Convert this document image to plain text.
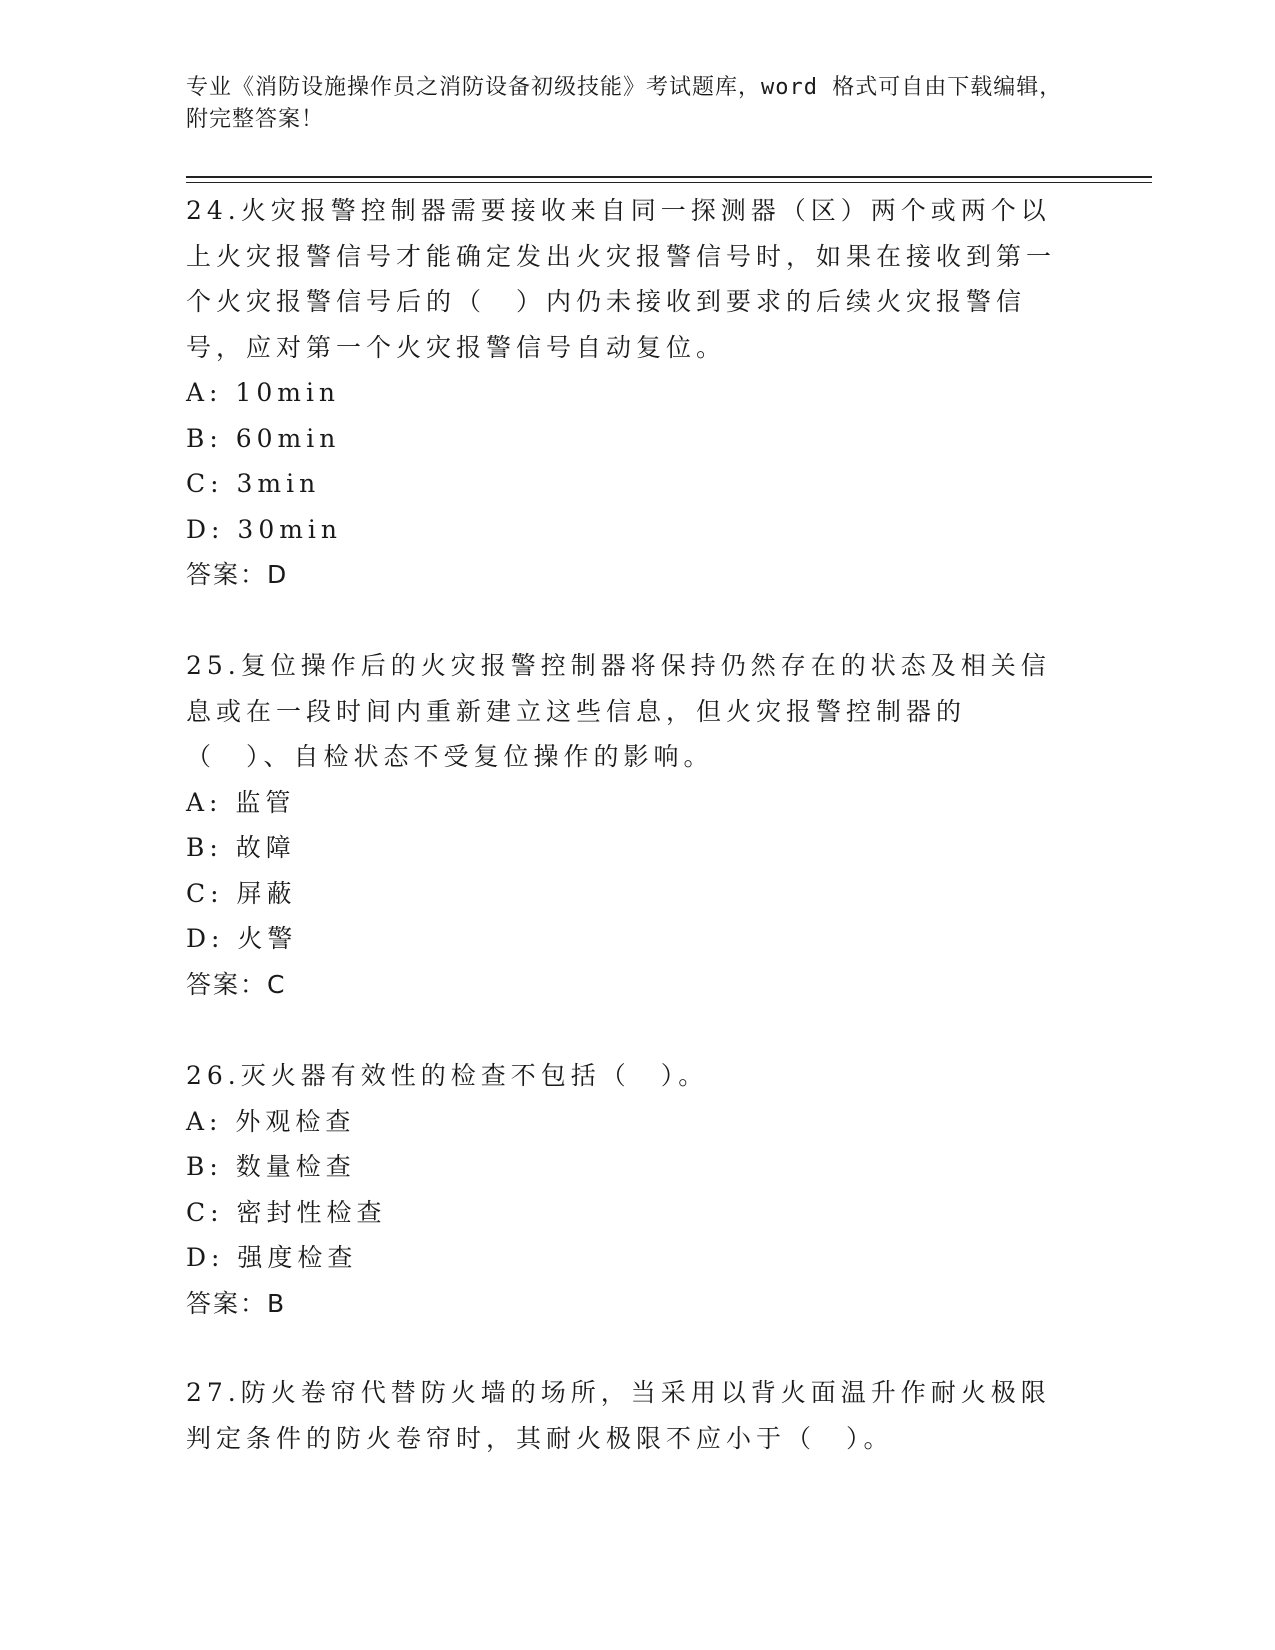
专业《消防设施操作员之消防设备初级技能》考试题库，word 格式可自由下载编辑，附完整答案！

24.火灾报警控制器需要接收来自同一探测器（区）两个或两个以上火灾报警信号才能确定发出火灾报警信号时，如果在接收到第一个火灾报警信号后的（　）内仍未接收到要求的后续火灾报警信号，应对第一个火灾报警信号自动复位。

A: 10min

B: 60min

C: 3min

D: 30min

答案：D

25.复位操作后的火灾报警控制器将保持仍然存在的状态及相关信息或在一段时间内重新建立这些信息，但火灾报警控制器的（　）、自检状态不受复位操作的影响。

A: 监管

B: 故障

C: 屏蔽

D: 火警

答案：C

26.灭火器有效性的检查不包括（　）。

A: 外观检查

B: 数量检查

C: 密封性检查

D: 强度检查

答案：B

27.防火卷帘代替防火墙的场所，当采用以背火面温升作耐火极限判定条件的防火卷帘时，其耐火极限不应小于（　）。
